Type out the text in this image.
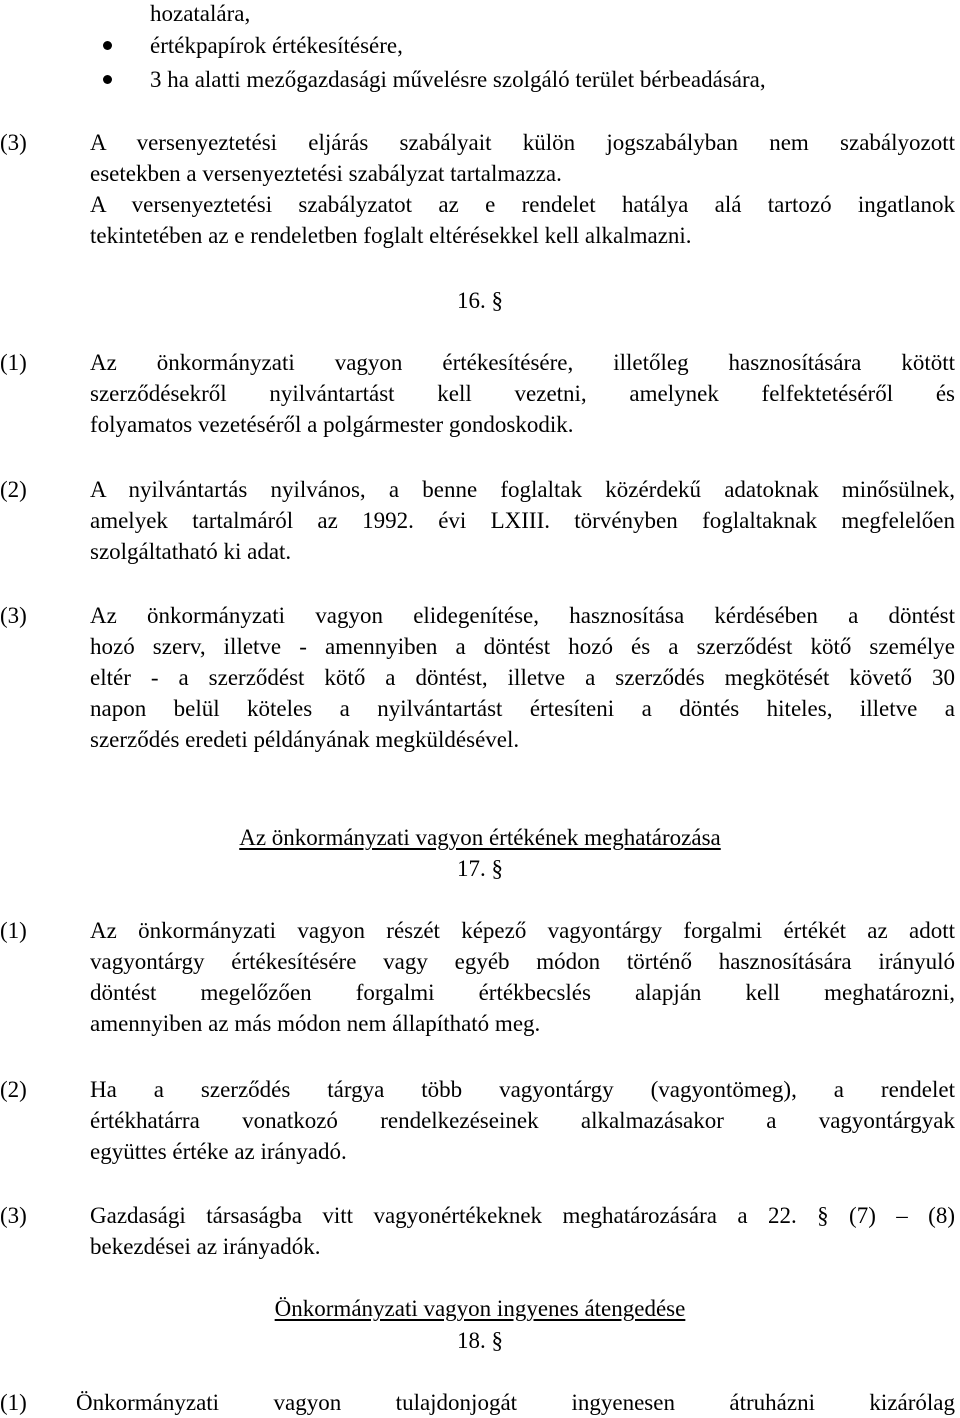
hozatalára,
értékpapírok értékesítésére,
3 ha alatti mezőgazdasági művelésre szolgáló terület bérbeadására,
(3)	A versenyeztetési eljárás szabályait külön jogszabályban nem szabályozott
esetekben a versenyeztetési szabályzat tartalmazza.
A versenyeztetési szabályzatot az e rendelet hatálya alá tartozó ingatlanok
tekintetében az e rendeletben foglalt eltérésekkel kell alkalmazni.
16. §
(1)	Az önkormányzati vagyon értékesítésére, illetőleg hasznosítására kötött
szerződésekről nyilvántartást kell vezetni, amelynek felfektetéséről és
folyamatos vezetéséről a polgármester gondoskodik.
(2)	A nyilvántartás nyilvános, a benne foglaltak közérdekű adatoknak minősülnek,
amelyek tartalmáról az 1992. évi LXIII. törvényben foglaltaknak megfelelően
szolgáltatható ki adat.
(3)	Az önkormányzati vagyon elidegenítése, hasznosítása kérdésében a döntést
hozó szerv, illetve - amennyiben a döntést hozó és a szerződést kötő személye
eltér - a szerződést kötő a döntést, illetve a szerződés megkötését követő 30
napon belül köteles a nyilvántartást értesíteni a döntés hiteles, illetve a
szerződés eredeti példányának megküldésével.
Az önkormányzati vagyon értékének meghatározása
17. §
(1)	Az önkormányzati vagyon részét képező vagyontárgy forgalmi értékét az adott
vagyontárgy értékesítésére vagy egyéb módon történő hasznosítására irányuló
döntést megelőzően forgalmi értékbecslés alapján kell meghatározni,
amennyiben az más módon nem állapítható meg.
(2)	Ha a szerződés tárgya több vagyontárgy (vagyontömeg), a rendelet
értékhatárra vonatkozó rendelkezéseinek alkalmazásakor a vagyontárgyak
együttes értéke az irányadó.
(3)	Gazdasági társaságba vitt vagyonértékeknek meghatározására a 22. § (7) – (8)
bekezdései az irányadók.
Önkormányzati vagyon ingyenes átengedése
18. §
(1) Önkormányzati vagyon tulajdonjogát ingyenesen átruházni kizárólag
